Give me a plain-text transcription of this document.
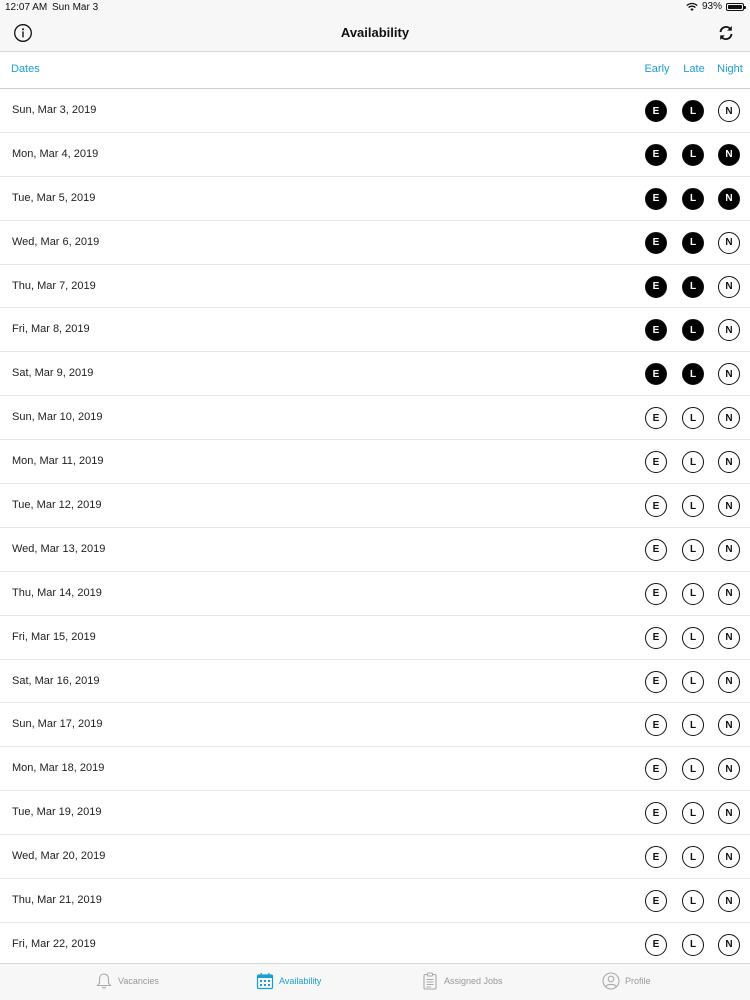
12:07 AM Sun Mar 3	93%
Availability
Dates	Early	Late	Night
Sun, Mar 3, 2019	E	L	N
Mon, Mar 4, 2019	E	L	N
Tue, Mar 5, 2019	E	L	N
Wed, Mar 6, 2019	E	L	N
Thu, Mar 7, 2019	E	L	N
Fri, Mar 8, 2019	E	L	N
Sat, Mar 9, 2019	E	L	N
Sun, Mar 10, 2019	E	L	N
Mon, Mar 11, 2019	E	L	N
Tue, Mar 12, 2019	E	L	N
Wed, Mar 13, 2019	E	L	N
Thu, Mar 14, 2019	E	L	N
Fri, Mar 15, 2019	E	L	N
Sat, Mar 16, 2019	E	L	N
Sun, Mar 17, 2019	E	L	N
Mon, Mar 18, 2019	E	L	N
Tue, Mar 19, 2019	E	L	N
Wed, Mar 20, 2019	E	L	N
Thu, Mar 21, 2019	E	L	N
Fri, Mar 22, 2019	E	L	N
Vacancies	Availability	Assigned Jobs	Profile
